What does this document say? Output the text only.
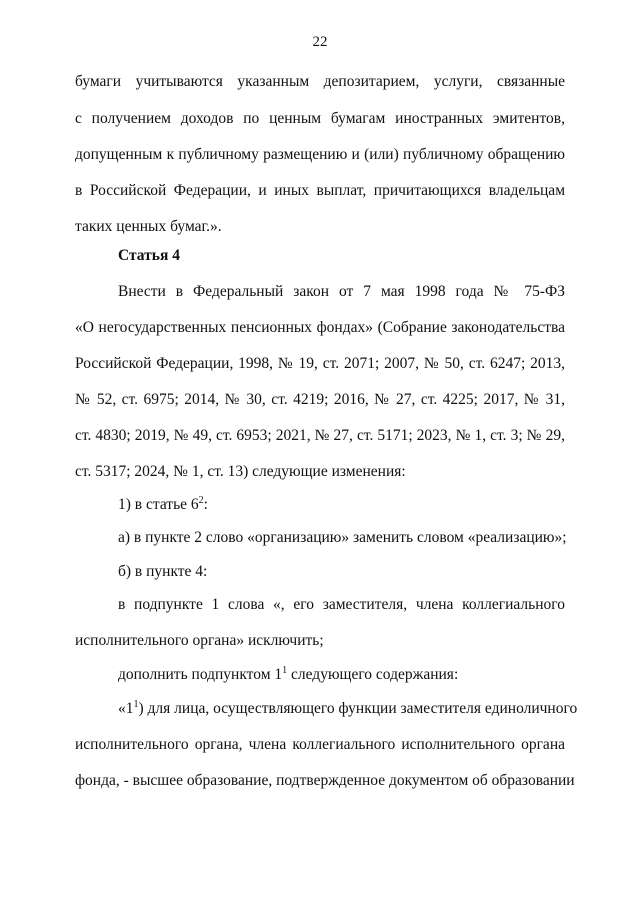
22
бумаги учитываются указанным депозитарием, услуги, связанные
с получением доходов по ценным бумагам иностранных эмитентов,
допущенным к публичному размещению и (или) публичному обращению
в Российской Федерации, и иных выплат, причитающихся владельцам
таких ценных бумаг.».
Статья 4
Внести в Федеральный закон от 7 мая 1998 года № 75-ФЗ
«О негосударственных пенсионных фондах» (Собрание законодательства
Российской Федерации, 1998, № 19, ст. 2071; 2007, № 50, ст. 6247; 2013,
№ 52, ст. 6975; 2014, № 30, ст. 4219; 2016, № 27, ст. 4225; 2017, № 31,
ст. 4830; 2019, № 49, ст. 6953; 2021, № 27, ст. 5171; 2023, № 1, ст. 3; № 29,
ст. 5317; 2024, № 1, ст. 13) следующие изменения:
1) в статье $6^2$:
а) в пункте 2 слово «организацию» заменить словом «реализацию»;
б) в пункте 4:
в подпункте 1 слова «, его заместителя, члена коллегиального
исполнительного органа» исключить;
дополнить подпунктом $1^1$ следующего содержания:
«$1^1$) для лица, осуществляющего функции заместителя единоличного
исполнительного органа, члена коллегиального исполнительного органа
фонда, - высшее образование, подтвержденное документом об образовании
